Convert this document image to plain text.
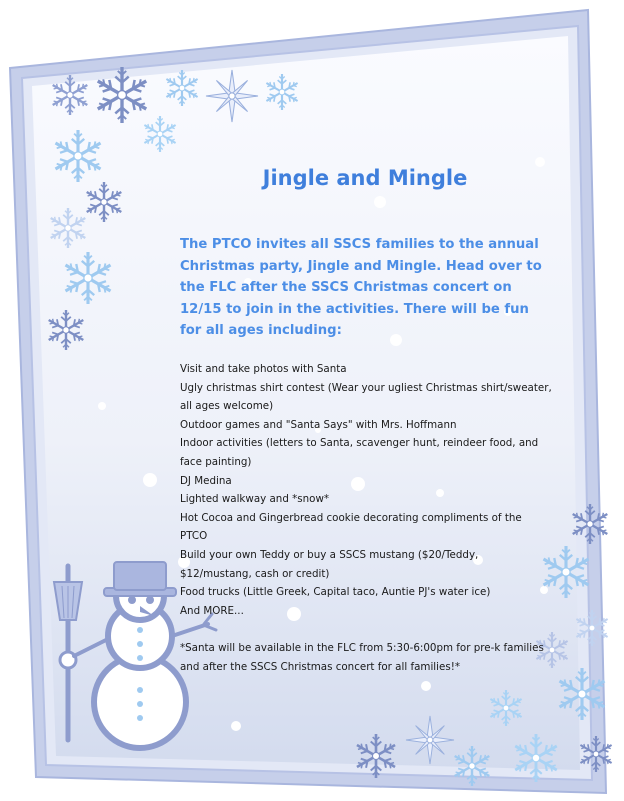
Jingle and Mingle

The PTCO invites all SSCS families to the annual Christmas party, Jingle and Mingle. Head over to the FLC after the SSCS Christmas concert on 12/15 to join in the activities. There will be fun for all ages including:

Visit and take photos with Santa
Ugly christmas shirt contest (Wear your ugliest Christmas shirt/sweater, all ages welcome)
Outdoor games and "Santa Says" with Mrs. Hoffmann
Indoor activities (letters to Santa, scavenger hunt, reindeer food, and face painting)
DJ Medina
Lighted walkway and *snow*
Hot Cocoa and Gingerbread cookie decorating compliments of the PTCO
Build your own Teddy or buy a SSCS mustang ($20/Teddy, $12/mustang, cash or credit)
Food trucks (Little Greek, Capital taco, Auntie PJ's water ice)
And MORE...

*Santa will be available in the FLC from 5:30-6:00pm for pre-k families and after the SSCS Christmas concert for all families!*
